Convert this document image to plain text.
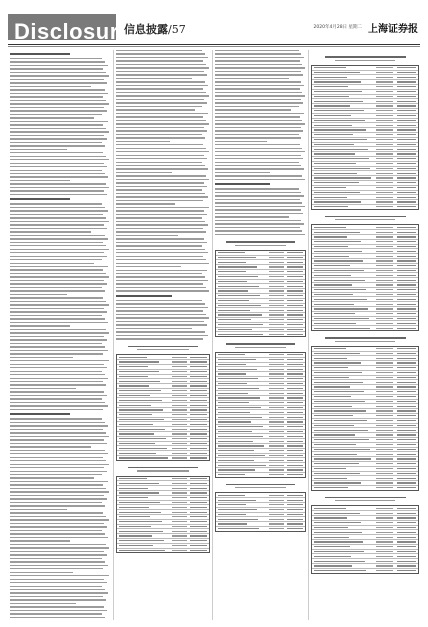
Disclosure
信息披露/57	2020年4月28日 星期二 上海证券报
